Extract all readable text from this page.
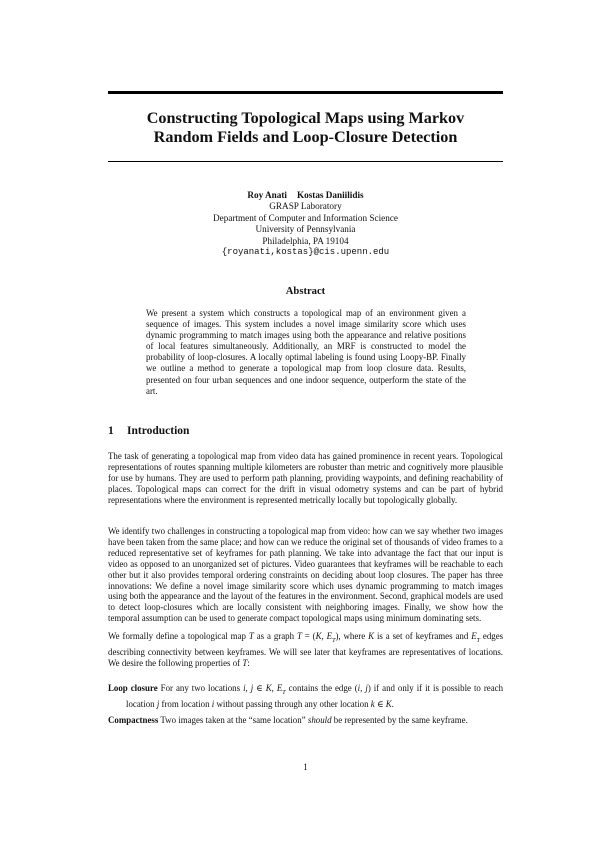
Constructing Topological Maps using Markov
Random Fields and Loop-Closure Detection
Roy Anati Kostas Daniilidis
GRASP Laboratory
Department of Computer and Information Science
University of Pennsylvania
Philadelphia, PA 19104
{royanati,kostas}@cis.upenn.edu
Abstract
We present a system which constructs a topological map of an environment given a sequence of images. This system includes a novel image similarity score which uses dynamic programming to match images using both the appearance and relative positions of local features simultaneously. Additionally, an MRF is constructed to model the probability of loop-closures. A locally optimal labeling is found using Loopy-BP. Finally we outline a method to generate a topological map from loop closure data. Results, presented on four urban sequences and one indoor sequence, outperform the state of the art.
1 Introduction
The task of generating a topological map from video data has gained prominence in recent years. Topological representations of routes spanning multiple kilometers are robuster than metric and cognitively more plausible for use by humans. They are used to perform path planning, providing waypoints, and defining reachability of places. Topological maps can correct for the drift in visual odometry systems and can be part of hybrid representations where the environment is represented metrically locally but topologically globally.
We identify two challenges in constructing a topological map from video: how can we say whether two images have been taken from the same place; and how can we reduce the original set of thousands of video frames to a reduced representative set of keyframes for path planning. We take into advantage the fact that our input is video as opposed to an unorganized set of pictures. Video guarantees that keyframes will be reachable to each other but it also provides temporal ordering constraints on deciding about loop closures. The paper has three innovations: We define a novel image similarity score which uses dynamic programming to match images using both the appearance and the layout of the features in the environment. Second, graphical models are used to detect loop-closures which are locally consistent with neighboring images. Finally, we show how the temporal assumption can be used to generate compact topological maps using minimum dominating sets.
We formally define a topological map T as a graph T = (K, $E_T$), where K is a set of keyframes and $E_T$ edges describing connectivity between keyframes. We will see later that keyframes are representatives of locations. We desire the following properties of T:
Loop closure For any two locations i, j ∈ K, $E_T$ contains the edge (i, j) if and only if it is possible to reach location j from location i without passing through any other location k ∈ K.
Compactness Two images taken at the “same location” should be represented by the same keyframe.
1
